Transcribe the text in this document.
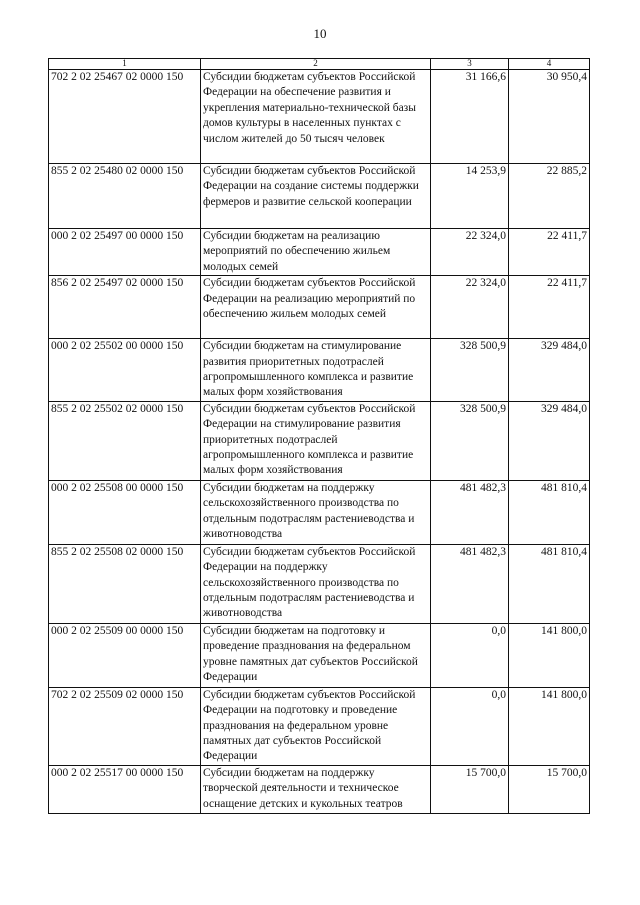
10
1	2	3	4
702 2 02 25467 02 0000 150	Субсидии бюджетам субъектов Российской Федерации на обеспечение развития и укрепления материально-технической базы домов культуры в населенных пунктах с числом жителей до 50 тысяч человек	31 166,6	30 950,4
855 2 02 25480 02 0000 150	Субсидии бюджетам субъектов Российской Федерации на создание системы поддержки фермеров и развитие сельской кооперации	14 253,9	22 885,2
000 2 02 25497 00 0000 150	Субсидии бюджетам на реализацию мероприятий по обеспечению жильем молодых семей	22 324,0	22 411,7
856 2 02 25497 02 0000 150	Субсидии бюджетам субъектов Российской Федерации на реализацию мероприятий по обеспечению жильем молодых семей	22 324,0	22 411,7
000 2 02 25502 00 0000 150	Субсидии бюджетам на стимулирование развития приоритетных подотраслей агропромышленного комплекса и развитие малых форм хозяйствования	328 500,9	329 484,0
855 2 02 25502 02 0000 150	Субсидии бюджетам субъектов Российской Федерации на стимулирование развития приоритетных подотраслей агропромышленного комплекса и развитие малых форм хозяйствования	328 500,9	329 484,0
000 2 02 25508 00 0000 150	Субсидии бюджетам на поддержку сельскохозяйственного производства по отдельным подотраслям растениеводства и животноводства	481 482,3	481 810,4
855 2 02 25508 02 0000 150	Субсидии бюджетам субъектов Российской Федерации на поддержку сельскохозяйственного производства по отдельным подотраслям растениеводства и животноводства	481 482,3	481 810,4
000 2 02 25509 00 0000 150	Субсидии бюджетам на подготовку и проведение празднования на федеральном уровне памятных дат субъектов Российской Федерации	0,0	141 800,0
702 2 02 25509 02 0000 150	Субсидии бюджетам субъектов Российской Федерации на подготовку и проведение празднования на федеральном уровне памятных дат субъектов Российской Федерации	0,0	141 800,0
000 2 02 25517 00 0000 150	Субсидии бюджетам на поддержку творческой деятельности и техническое оснащение детских и кукольных театров	15 700,0	15 700,0
